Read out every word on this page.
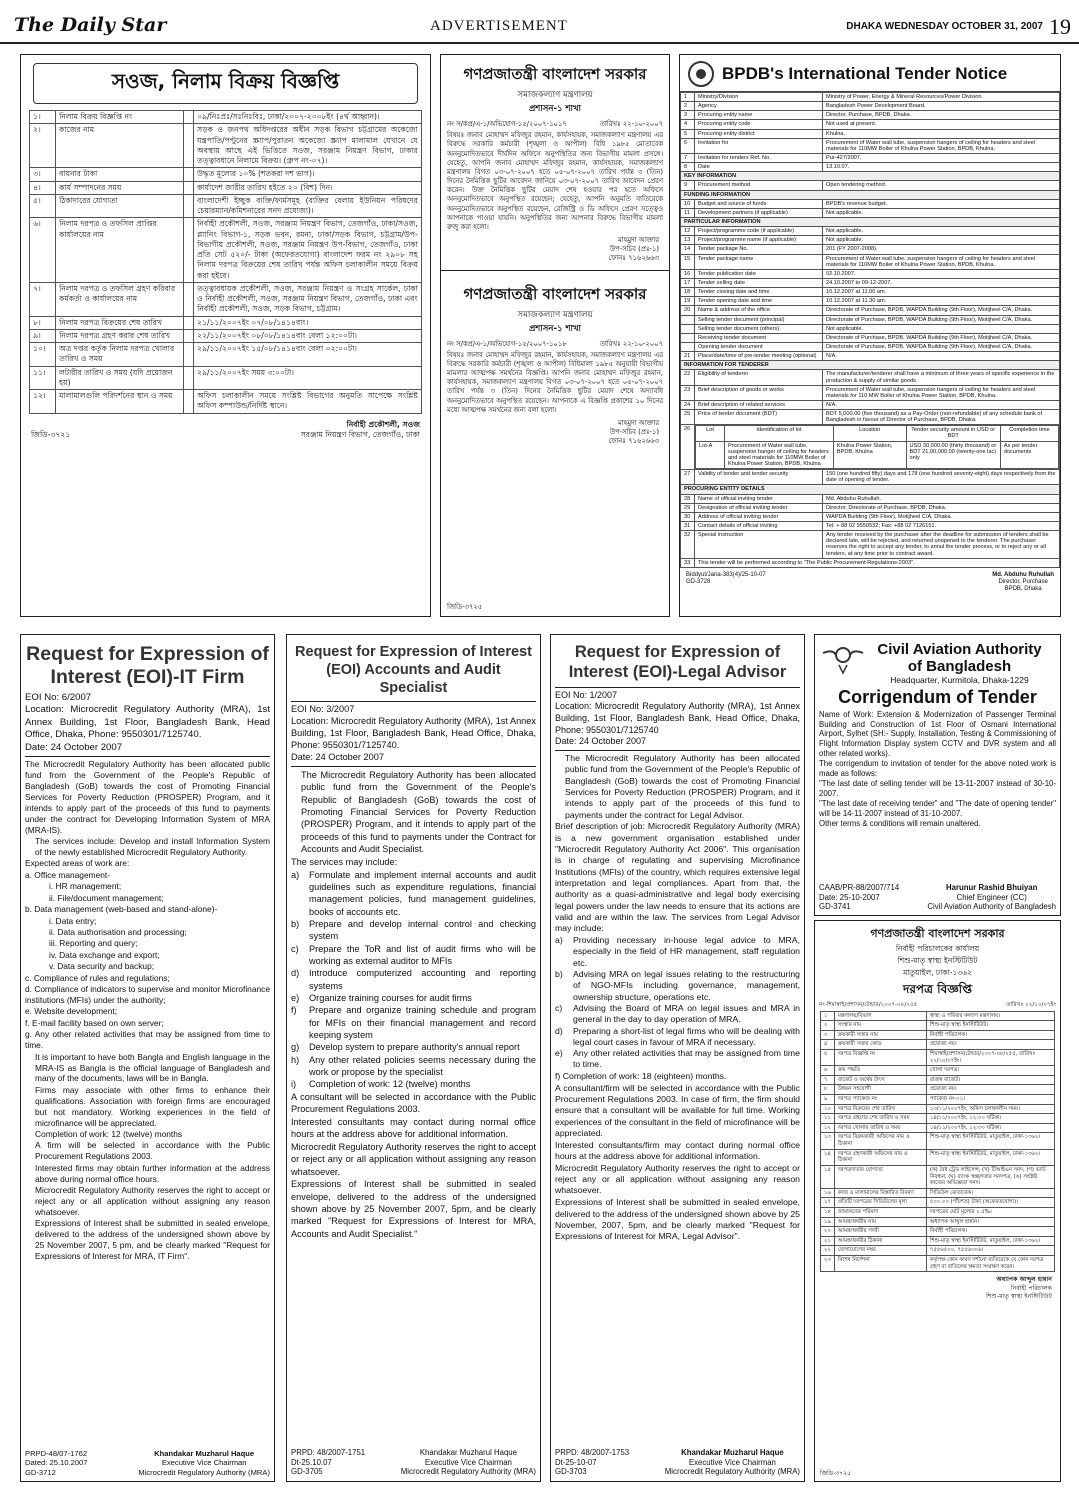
The Daily Star	ADVERTISEMENT	DHAKA WEDNESDAY OCTOBER 31, 2007 19
সওজ, নিলাম বিক্রয় বিজ্ঞপ্তি
১।	নিলাম বিক্রয় বিজ্ঞপ্তি নং		০৯/নিঃপ্রঃ/সঃনিঃবিঃ, ঢাকা/২০০৭-২০০৮ইং (৪র্থ আহ্বান)।
২।	কাজের নাম		সড়ক ও জনপথ অধিদপ্তরের অধীন সড়ক বিভাগ চট্টগ্রামের অকেজো যন্ত্রপাতি/পণ্টুনের স্ক্র্যাপ/পুরাতন অকেজো স্ক্র্যাপ মালামাল যেখানে যে অবস্থায় আছে এই ভিত্তিতে সওজ, সরঞ্জাম নিয়ন্ত্রণ বিভাগ, ঢাকার তত্ত্বাবধানে নিলামে বিক্রয়। (গ্রুপ নং-০৭)।
৩।	বায়নার টাকা		উদ্ধৃত মূল্যের ১০% (শতকরা দশ ভাগ)।
৪।	কার্য সম্পাদনের সময়		কার্যাদেশ জারীর তারিখ হইতে ২০ (বিশ) দিন।
৫।	ঠিকাদারের যোগ্যতা		বাংলাদেশী ইচ্ছুক ব্যক্তি/ফার্মসমূহ (ব্যক্তির বেলায় ইউনিয়ন পরিষদের চেয়ারম্যান/কমিশনারের সনদ প্রযোজ্য)।
৬।	নিলাম দরপত্র ও তফসিল প্রাপ্তির কার্যালয়ের নাম		নির্বাহী প্রকৌশলী, সওজ, সরঞ্জাম নিয়ন্ত্রণ বিভাগ, তেজগাঁও, ঢাকা/সওজ, প্ল্যানিং বিভাগ-১, সড়ক ভবন, রমনা, ঢাকা/সড়ক বিভাগ, চট্টগ্রাম/উপ-বিভাগীয় প্রকৌশলী, সওজ, সরঞ্জাম নিয়ন্ত্রণ উপ-বিভাগ, তেজগাঁও, ঢাকা প্রতি সেট ৫২০/- টাকা (অফেরতযোগ্য) বাংলাদেশ ফরম নং ২৯০৮ সহ নিলাম দরপত্র বিক্রয়ের শেষ তারিখ পর্যন্ত অফিস চলাকালীন সময়ে বিক্রয় করা হইবে।
৭।	নিলাম দরপত্র ও তফসিল গ্রহণ করিবার কর্মকর্তা ও কার্যালয়ের নাম		তত্ত্বাবধায়ক প্রকৌশলী, সওজ, সরঞ্জাম নিয়ন্ত্রণ ও সংগ্রহ সার্কেল, ঢাকা ও নির্বাহী প্রকৌশলী, সওজ, সরঞ্জাম নিয়ন্ত্রণ বিভাগ, তেজগাঁও, ঢাকা এবং নির্বাহী প্রকৌশলী, সওজ, সড়ক বিভাগ, চট্টগ্রাম।
৮।	নিলাম দরপত্র বিক্রয়ের শেষ তারিখ		২১/১১/২০০৭ইং ০৭/০৮/১৪১৪বাং।
৯।	নিলাম দরপত্র গ্রহণ করার শেষ তারিখ		২২/১১/২০০৭ইং ০৮/০৮/১৪১৪বাং বেলা ১২:০০টা।
১০।	অত্র দপ্তর কর্তৃক নিলাম দরপত্র খোলার তারিখ ও সময়		২৯/১১/২০০৭ইং ১৫/০৮/১৪১৪বাং বেলা ০২:০০টা।
১১।	লটারীর তারিখ ও সময় (যদি প্রয়োজন হয়)		২৯/১১/২০০৭ইং সময় ৩:০০টা।
১২।	মালামালগুলি পরিদর্শনের স্থান ও সময়		অফিস চলাকালীন সময়ে সংশ্লিষ্ট বিভাগের অনুমতি সাপেক্ষে সংশ্লিষ্ট অফিস কম্পাউন্ড/নির্দিষ্ট স্থানে।
নির্বাহী প্রকৌশলী, সওজ
জিডি-৩৭২১	সরঞ্জাম নিয়ন্ত্রণ বিভাগ, তেজগাঁও, ঢাকা
গণপ্রজাতন্ত্রী বাংলাদেশ সরকার
সমাজকল্যাণ মন্ত্রণালয়
প্রশাসন-১ শাখা
নং স/কপ্র/এ-১/অভিযোগ-১৫/২০০৭-১০১৭	তারিখঃ ২২-১০-২০০৭
বিষয়ঃ জনাব মোহাম্মদ মফিজুর রহমান, কার্যসহায়ক, সমাজকল্যাণ মন্ত্রণালয় এর বিরুদ্ধে সরকারি কর্মচারী (শৃঙ্খলা ও আপীল) বিধি ১৯৮৫ মোতাবেক অননুমোদিতভাবে দীর্ঘদিন অফিসে অনুপস্থিতির জন্য বিভাগীয় মামলা প্রসঙ্গে। যেহেতু, আপনি জনাব মোহাম্মদ মফিজুর রহমান, কার্যসহায়ক, সমাজকল্যাণ মন্ত্রণালয় বিগত ০৩-০৭-২০০৭ হতে ০৫-০৭-২০০৭ তারিখ পর্যন্ত ৩ (তিন) দিনের নৈমিত্তিক ছুটির আবেদন জানিয়ে ০৩-০৭-২০০৭ তারিখ আবেদন প্রেরণ করেন। উক্ত নৈমিত্তিক ছুটির মেয়াদ শেষ হওয়ার পর হতে অফিসে অননুমোদিতভাবে অনুপস্থিত রয়েছেন; যেহেতু, আপনি অনুমতি ব্যতিরেকে অননুমোদিতভাবে অনুপস্থিত রয়েছেন, রেজিস্ট্রি ও ডি অফিসে প্রেরণ সত্ত্বেও আপনাকে পাওয়া যায়নি। অনুপস্থিতির জন্য আপনার বিরুদ্ধে বিভাগীয় মামলা রুজু করা হলো।
মাহমুদা আক্তার
উপ-সচিব (প্রঃ-১)
ফোনঃ ৭১৬২৬৬৩
গণপ্রজাতন্ত্রী বাংলাদেশ সরকার
সমাজকল্যাণ মন্ত্রণালয়
প্রশাসন-১ শাখা
নং স/কপ্র/এ-১/অভিযোগ-১৫/২০০৭-১০১৮	তারিখঃ ২২-১০-২০০৭
বিষয়ঃ জনাব মোহাম্মদ মফিজুর রহমান, কার্যসহায়ক, সমাজকল্যাণ মন্ত্রণালয় এর বিরুদ্ধে সরকারি কর্মচারী (শৃঙ্খলা ও আপীল) বিধিমালা ১৯৮৫ অনুযায়ী বিভাগীয় মামলার আত্মপক্ষ সমর্থনের বিজ্ঞপ্তি। আপনি জনাব মোহাম্মদ মফিজুর রহমান, কার্যসহায়ক, সমাজকল্যাণ মন্ত্রণালয় বিগত ০৩-০৭-২০০৭ হতে ০৫-০৭-২০০৭ তারিখ পর্যন্ত ৩ (তিন) দিনের নৈমিত্তিক ছুটির মেয়াদ শেষে অদ্যাবধি অননুমোদিতভাবে অনুপস্থিত রয়েছেন। আপনাকে এ বিজ্ঞপ্তি প্রকাশের ১০ দিনের মধ্যে আত্মপক্ষ সমর্থনের জন্য বলা হলো।
মাহমুদা আক্তার
উপ-সচিব (প্রঃ-১)
ফোনঃ ৭১৬২৬৬৩
জিডি-৩৭২৫
BPDB's International Tender Notice
1	Ministry/Division	Ministry of Power, Energy & Mineral Resources/Power Division.
2	Agency	Bangladesh Power Development Board.
3	Procuring entity name	Director, Purchase, BPDB, Dhaka.
4	Procuring entity code	Not used at present.
5	Procuring entity district	Khulna.
6	Invitation for	Procurement of Water wall tube, suspension hangers of ceiling for headers and steel materials for 110MW Boiler of Khulna Power Station, BPDB, Khulna.
7	Invitation for tenders Ref. No.	Pur-427/2007.
8	Date	13.10.07.
KEY INFORMATION
9	Procurement method	Open tendering method.
FUNDING INFORMATION
10	Budget and source of funds	BPDB's revenue budget.
11	Development partners (if applicable)	Not applicable.
PARTICULAR INFORMATION
12	Project/programme code (if applicable)	Not applicable.
13	Project/programme name (if applicable)	Not applicable.
14	Tender package No.	201 (FY 2007-2008).
15	Tender package name	Procurement of Water wall tube, suspension hangers of ceiling for headers and steel materials for 110MW Boiler of Khulna Power Station, BPDB, Khulna.
16	Tender publication date	02.10.2007.
17	Tender selling date	24.10.2007 to 09-12-2007.
18	Tender closing date and time	10.12.2007 at 11.00 am.
19	Tender opening date and time	10.12.2007 at 11.30 am.
20	Name & address of the office	Directorate of Purchase, BPDB, WAPDA Building (9th Floor), Motijheel C/A, Dhaka.
	Selling tender document (principal)	Directorate of Purchase, BPDB, WAPDA Building (9th Floor), Motijheel C/A, Dhaka.
	Selling tender document (others)	Not applicable.
	Receiving tender document	Directorate of Purchase, BPDB, WAPDA Building (9th Floor), Motijheel C/A, Dhaka.
	Opening tender document	Directorate of Purchase, BPDB, WAPDA Building (9th Floor), Motijheel C/A, Dhaka.
21	Place/date/time of pre-tender meeting (optional)	N/A.
INFORMATION FOR TENDERER
22	Eligibility of tenderer	The manufacturer/tenderer shall have a minimum of three years of specific experience in the production & supply of similar goods.
23	Brief description of goods or works	Procurement of Water wall tube, suspension hangers of ceiling for headers and steel materials for 110 MW Boiler of Khulna Power Station, BPDB, Khulna.
24	Brief description of related services	N/A.
25	Price of tender document (BDT)	BDT 5,000.00 (five thousand) as a Pay-Order (non-refundable) of any schedule bank of Bangladesh in favour of Director of Purchase, BPDB, Dhaka.
26		Lot	Identification of lot	Location	Tender security amount in USD or BDT	Completion time
Lot-A	Procurement of Water wall tube, suspension hanger of ceiling for headers and steel materials for 110MW Boiler of Khulna Power Station, BPDB, Khulna	Khulna Power Station, BPDB, Khulna	USD 30,000.00 (thirty thousand) or BDT 21,00,000.00 (twenty-one lac) only	As per tender documents

27	Validity of tender and tender security	150 (one hundred fifty) days and 178 (one hundred seventy-eight) days respectively from the date of opening of tender.
PROCURING ENTITY DETAILS
28	Name of official inviting tender	Md. Abduhu Ruhullah.
29	Designation of official inviting tender	Director, Directorate of Purchase, BPDB, Dhaka.
30	Address of official inviting tender	WAPDA Building (9th Floor), Motijheel C/A, Dhaka.
31	Contact details of official inviting	Tel: + 88 02 9550532; Fax: +88 02 7126151.
32	Special instruction	Any tender received by the purchaser after the deadline for submission of tenders shall be declared late, will be rejected, and returned unopened to the tenderer. The purchaser reserves the right to accept any tender, to annul the tender process, or to reject any or all tenders, at any time prior to contract award.
33	This tender will be performed according to "The Public Procurement Regulations-2003".
Biddyut/Jana-383(4)/25-10-07
GD-3728
Md. Abduhu Ruhullah
Director, Purchase
BPDB, Dhaka
Request for Expression of Interest (EOI)-IT Firm
EOI No: 6/2007
Location: Microcredit Regulatory Authority (MRA), 1st Annex Building, 1st Floor, Bangladesh Bank, Head Office, Dhaka, Phone: 9550301/7125740.
Date: 24 October 2007

The Microcredit Regulatory Authority has been allocated public fund from the Government of the People's Republic of Bangladesh (GoB) towards the cost of Promoting Financial Services for Poverty Reduction (PROSPER) Program, and it intends to apply part of the proceeds of this fund to payments under the contract for Developing Information System of MRA (MRA-IS).

The services include: Develop and install Information System of the newly established Microcredit Regulatory Authority.

Expected areas of work are:

a. Office management-

i. HR management;

ii. File/document management;

b. Data management (web-based and stand-alone)-

i. Data entry;

ii. Data authorisation and processing;

iii. Reporting and query;

iv. Data exchange and export;

v. Data security and backup;

c. Compliance of rules and regulations;

d. Compliance of indicators to supervise and monitor Microfinance institutions (MFIs) under the authority;

e. Website development;

f. E-mail facility based on own server;

g. Any other related activities that may be assigned from time to time.

It is important to have both Bangla and English language in the MRA-IS as Bangla is the official language of Bangladesh and many of the documents, laws will be in Bangla.

Firms may associate with other firms to enhance their qualifications. Association with foreign firms are encouraged but not mandatory. Working experiences in the field of microfinance will be appreciated.

Completion of work: 12 (twelve) months

A firm will be selected in accordance with the Public Procurement Regulations 2003.

Interested firms may obtain further information at the address above during normal office hours.

Microcredit Regulatory Authority reserves the right to accept or reject any or all application without assigning any reason whatsoever.

Expressions of Interest shall be submitted in sealed envelope, delivered to the address of the undersigned shown above by 25 November 2007, 5 pm, and be clearly marked "Request for Expressions of Interest for MRA, IT Firm".

PRPD-48/07-1762
Dated: 25.10.2007
GD-3712
Khandakar Muzharul Haque
Executive Vice Chairman
Microcredit Regulatory Authority (MRA)
Request for Expression of Interest (EOI) Accounts and Audit Specialist
EOI No: 3/2007
Location: Microcredit Regulatory Authority (MRA), 1st Annex Building, 1st Floor, Bangladesh Bank, Head Office, Dhaka, Phone: 9550301/7125740.
Date: 24 October 2007

The Microcredit Regulatory Authority has been allocated public fund from the Government of the People's Republic of Bangladesh (GoB) towards the cost of Promoting Financial Services for Poverty Reduction (PROSPER) Program, and it intends to apply part of the proceeds of this fund to payments under the Contract for Accounts and Audit Specialist.

The services may include:

a)	Formulate and implement internal accounts and audit guidelines such as expenditure regulations, financial management policies, fund management guidelines, books of accounts etc.
b)	Prepare and develop internal control and checking system
c)	Prepare the ToR and list of audit firms who will be working as external auditor to MFIs
d)	Introduce computerized accounting and reporting systems
e)	Organize training courses for audit firms
f)	Prepare and organize training schedule and program for MFIs on their financial management and record keeping system
g)	Develop system to prepare authority's annual report
h)	Any other related policies seems necessary during the work or propose by the specialist
i)	Completion of work: 12 (twelve) months

A consultant will be selected in accordance with the Public Procurement Regulations 2003.

Interested consultants may contact during normal office hours at the address above for additional information.

Microcredit Regulatory Authority reserves the right to accept or reject any or all application without assigning any reason whatsoever.

Expressions of Interest shall be submitted in sealed envelope, delivered to the address of the undersigned shown above by 25 November 2007, 5pm, and be clearly marked "Request for Expressions of Interest for MRA, Accounts and Audit Specialist."

PRPD: 48/2007-1751
Dt-25.10.07
GD-3705
Khandakar Muzharul Haque
Executive Vice Chairman
Microcredit Regulatory Authority (MRA)
Request for Expression of Interest (EOI)-Legal Advisor
EOI No: 1/2007
Location: Microcredit Regulatory Authority (MRA), 1st Annex Building, 1st Floor, Bangladesh Bank, Head Office, Dhaka, Phone: 9550301/7125740
Date: 24 October 2007

The Microcredit Regulatory Authority has been allocated public fund from the Government of the People's Republic of Bangladesh (GoB) towards the cost of Promoting Financial Services for Poverty Reduction (PROSPER) Program, and it intends to apply part of the proceeds of this fund to payments under the contract for Legal Advisor.

Brief description of job: Microcredit Regulatory Authority (MRA) is a new government organisation established under "Microcredit Regulatory Authority Act 2006". This organisation is in charge of regulating and supervising Microfinance Institutions (MFIs) of the country, which requires extensive legal interpretation and legal compliances. Apart from that, the authority as a quasi-administrative and legal body exercising legal powers under the law needs to ensure that its actions are valid and are within the law. The services from Legal Advisor may include:

a)	Providing necessary in-house legal advice to MRA, especially in the field of HR management, staff regulation etc.
b)	Advising MRA on legal issues relating to the restructuring of NGO-MFIs including governance, management, ownership structure, operations etc.
c)	Advising the Board of MRA on legal issues and MRA in general in the day to day operation of MRA.
d)	Preparing a short-list of legal firms who will be dealing with legal court cases in favour of MRA if necessary.
e)	Any other related activities that may be assigned from time to time.

f) Completion of work: 18 (eighteen) months.

A consultant/firm will be selected in accordance with the Public Procurement Regulations 2003. In case of firm, the firm should ensure that a consultant will be available for full time. Working experiences of the consultant in the field of microfinance will be appreciated.

Interested consultants/firm may contact during normal office hours at the address above for additional information.

Microcredit Regulatory Authority reserves the right to accept or reject any or all application without assigning any reason whatsoever.

Expressions of Interest shall be submitted in sealed envelope, delivered to the address of the undersigned shown above by 25 November, 2007, 5pm, and be clearly marked "Request for Expressions of Interest for MRA, Legal Advisor".

PRPD: 48/2007-1753
Dt-25-10-07
GD-3703
Khandakar Muzharul Haque
Executive Vice Chairman
Microcredit Regulatory Authority (MRA)
Civil Aviation Authority
of Bangladesh
Headquarter, Kurmitola, Dhaka-1229
Corrigendum of Tender

Name of Work: Extension & Modernization of Passenger Terminal Building and Construction of 1st Floor of Osmani International Airport, Sylhet (SH:- Supply, Installation, Testing & Commissioning of Flight Information Display system CCTV and DVR system and all other related works).

The corrigendum to invitation of tender for the above noted work is made as follows:

"The last date of selling tender will be 13-11-2007 instead of 30-10-2007.

"The last date of receiving tender" and "The date of opening tender" will be 14-11-2007 instead of 31-10-2007.

Other terms & conditions will remain unaltered.

CAAB/PR-88/2007/714
Date: 25-10-2007
GD-3741
Harunur Rashid Bhuiyan
Chief Engineer (CC)
Civil Aviation Authority of Bangladesh
গণপ্রজাতন্ত্রী বাংলাদেশ সরকার
নির্বাহী পরিচালকের কার্যালয়
শিশু-মাতৃ স্বাস্থ্য ইনস্টিটিউট
মাতুয়াইল, ঢাকা-১৩৬২
দরপত্র বিজ্ঞপ্তি
নং-শিমাস্বাই/প্রশাসন/টেন্ডার/২০০৭-০৮/২৫৫	তারিখঃ ২২/১০/০৭ইং
১	মন্ত্রণালয়/বিভাগ	স্বাস্থ্য ও পরিবার কল্যাণ মন্ত্রণালয়।
২	সংস্থার নাম	শিশু-মাতৃ স্বাস্থ্য ইনস্টিটিউট।
৩	ক্রয়কারী সত্তার নাম	নির্বাহী পরিচালক।
৪	ক্রয়কারী সত্তার কোড	প্রযোজ্য নয়।
৫	দরপত্র বিজ্ঞপ্তি নং	শিমাস্বাই/প্রশাসন/টেন্ডার/২০০৭-০৮/২৫৫, তারিখঃ ২২/১০/০৭ইং।
৬	ক্রয় পদ্ধতি	খোলা দরপত্র।
৭	বাজেট ও অর্থের উৎস	রাজস্ব বাজেট।
৮	উন্নয়ন সহযোগী	প্রযোজ্য নয়।
৯	দরপত্র প্যাকেজ নং	প্যাকেজ নং-০১।
১০	দরপত্র বিক্রয়ের শেষ তারিখ	১৩/১১/২০০৭ইং, অফিস চলাকালীন সময়।
১১	দরপত্র গ্রহণের শেষ তারিখ ও সময়	১৪/১১/২০০৭ইং, ১২:০০ ঘটিকা।
১২	দরপত্র খোলার তারিখ ও সময়	১৪/১১/২০০৭ইং, ১২:৩০ ঘটিকা।
১৩	দরপত্র বিক্রয়কারী অফিসের নাম ও ঠিকানা	শিশু-মাতৃ স্বাস্থ্য ইনস্টিটিউট, মাতুয়াইল, ঢাকা-১৩৬২।
১৪	দরপত্র গ্রহণকারী অফিসের নাম ও ঠিকানা	শিশু-মাতৃ স্বাস্থ্য ইনস্টিটিউট, মাতুয়াইল, ঢাকা-১৩৬২।
১৫	দরপত্রদাতার যোগ্যতা	(ক) বৈধ ট্রেড লাইসেন্স, (খ) টিআইএন সনদ, (গ) ভ্যাট নিবন্ধন, (ঘ) ব্যাংক স্বচ্ছলতার সনদপত্র, (ঙ) সংশ্লিষ্ট কাজের অভিজ্ঞতা সনদ।
১৬	কাজ ও মালামালের বিস্তারিত বিবরণ	সিডিউল মোতাবেক।
১৭	প্রতিটি দরপত্রের সিডিউলের মূল্য	৫০০.০০ (পাঁচশত) টাকা (অফেরতযোগ্য)।
১৮	জামানতের পরিমাণ	দরপত্রের মোট মূল্যের ২.৫%।
১৯	আমন্ত্রণকারীর নাম	অধ্যাপক আব্দুল হান্নান।
২০	আমন্ত্রণকারীর পদবী	নির্বাহী পরিচালক।
২১	আমন্ত্রণকারীর ঠিকানা	শিশু-মাতৃ স্বাস্থ্য ইনস্টিটিউট, মাতুয়াইল, ঢাকা-১৩৬২।
২২	যোগাযোগের নম্বর	৭৫৫৬৫০০, ৭৫৫৬৩০৬।
২৩	বিশেষ নির্দেশনা	কর্তৃপক্ষ কোন কারণ দর্শানো ব্যতিরেকে যে কোন দরপত্র গ্রহণ বা বাতিলের ক্ষমতা সংরক্ষণ করেন।
অধ্যাপক আব্দুল হান্নান
নির্বাহী পরিচালক
শিশু-মাতৃ স্বাস্থ্য ইনস্টিটিউট
জিডি-৩৭২৫
